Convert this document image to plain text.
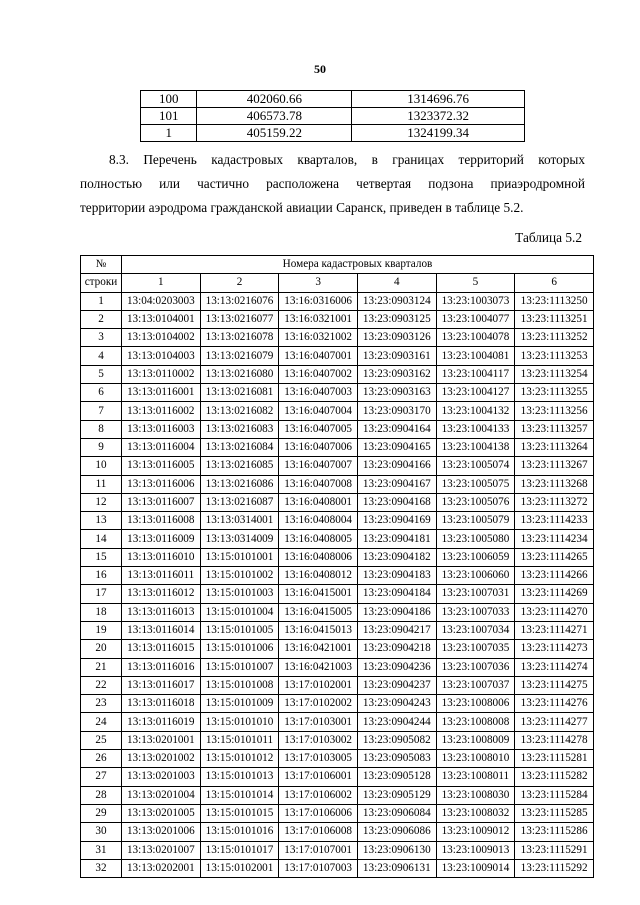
50
100	402060.66	1314696.76
101	406573.78	1323372.32
1	405159.22	1324199.34
8.3. Перечень кадастровых кварталов, в границах территорий которых
полностью или частично расположена четвертая подзона приаэродромной
территории аэродрома гражданской авиации Саранск, приведен в таблице 5.2.
Таблица 5.2
№	Номера кадастровых кварталов					
строки	1	2	3	4	5	6
1	13:04:0203003	13:13:0216076	13:16:0316006	13:23:0903124	13:23:1003073	13:23:1113250
2	13:13:0104001	13:13:0216077	13:16:0321001	13:23:0903125	13:23:1004077	13:23:1113251
3	13:13:0104002	13:13:0216078	13:16:0321002	13:23:0903126	13:23:1004078	13:23:1113252
4	13:13:0104003	13:13:0216079	13:16:0407001	13:23:0903161	13:23:1004081	13:23:1113253
5	13:13:0110002	13:13:0216080	13:16:0407002	13:23:0903162	13:23:1004117	13:23:1113254
6	13:13:0116001	13:13:0216081	13:16:0407003	13:23:0903163	13:23:1004127	13:23:1113255
7	13:13:0116002	13:13:0216082	13:16:0407004	13:23:0903170	13:23:1004132	13:23:1113256
8	13:13:0116003	13:13:0216083	13:16:0407005	13:23:0904164	13:23:1004133	13:23:1113257
9	13:13:0116004	13:13:0216084	13:16:0407006	13:23:0904165	13:23:1004138	13:23:1113264
10	13:13:0116005	13:13:0216085	13:16:0407007	13:23:0904166	13:23:1005074	13:23:1113267
11	13:13:0116006	13:13:0216086	13:16:0407008	13:23:0904167	13:23:1005075	13:23:1113268
12	13:13:0116007	13:13:0216087	13:16:0408001	13:23:0904168	13:23:1005076	13:23:1113272
13	13:13:0116008	13:13:0314001	13:16:0408004	13:23:0904169	13:23:1005079	13:23:1114233
14	13:13:0116009	13:13:0314009	13:16:0408005	13:23:0904181	13:23:1005080	13:23:1114234
15	13:13:0116010	13:15:0101001	13:16:0408006	13:23:0904182	13:23:1006059	13:23:1114265
16	13:13:0116011	13:15:0101002	13:16:0408012	13:23:0904183	13:23:1006060	13:23:1114266
17	13:13:0116012	13:15:0101003	13:16:0415001	13:23:0904184	13:23:1007031	13:23:1114269
18	13:13:0116013	13:15:0101004	13:16:0415005	13:23:0904186	13:23:1007033	13:23:1114270
19	13:13:0116014	13:15:0101005	13:16:0415013	13:23:0904217	13:23:1007034	13:23:1114271
20	13:13:0116015	13:15:0101006	13:16:0421001	13:23:0904218	13:23:1007035	13:23:1114273
21	13:13:0116016	13:15:0101007	13:16:0421003	13:23:0904236	13:23:1007036	13:23:1114274
22	13:13:0116017	13:15:0101008	13:17:0102001	13:23:0904237	13:23:1007037	13:23:1114275
23	13:13:0116018	13:15:0101009	13:17:0102002	13:23:0904243	13:23:1008006	13:23:1114276
24	13:13:0116019	13:15:0101010	13:17:0103001	13:23:0904244	13:23:1008008	13:23:1114277
25	13:13:0201001	13:15:0101011	13:17:0103002	13:23:0905082	13:23:1008009	13:23:1114278
26	13:13:0201002	13:15:0101012	13:17:0103005	13:23:0905083	13:23:1008010	13:23:1115281
27	13:13:0201003	13:15:0101013	13:17:0106001	13:23:0905128	13:23:1008011	13:23:1115282
28	13:13:0201004	13:15:0101014	13:17:0106002	13:23:0905129	13:23:1008030	13:23:1115284
29	13:13:0201005	13:15:0101015	13:17:0106006	13:23:0906084	13:23:1008032	13:23:1115285
30	13:13:0201006	13:15:0101016	13:17:0106008	13:23:0906086	13:23:1009012	13:23:1115286
31	13:13:0201007	13:15:0101017	13:17:0107001	13:23:0906130	13:23:1009013	13:23:1115291
32	13:13:0202001	13:15:0102001	13:17:0107003	13:23:0906131	13:23:1009014	13:23:1115292
